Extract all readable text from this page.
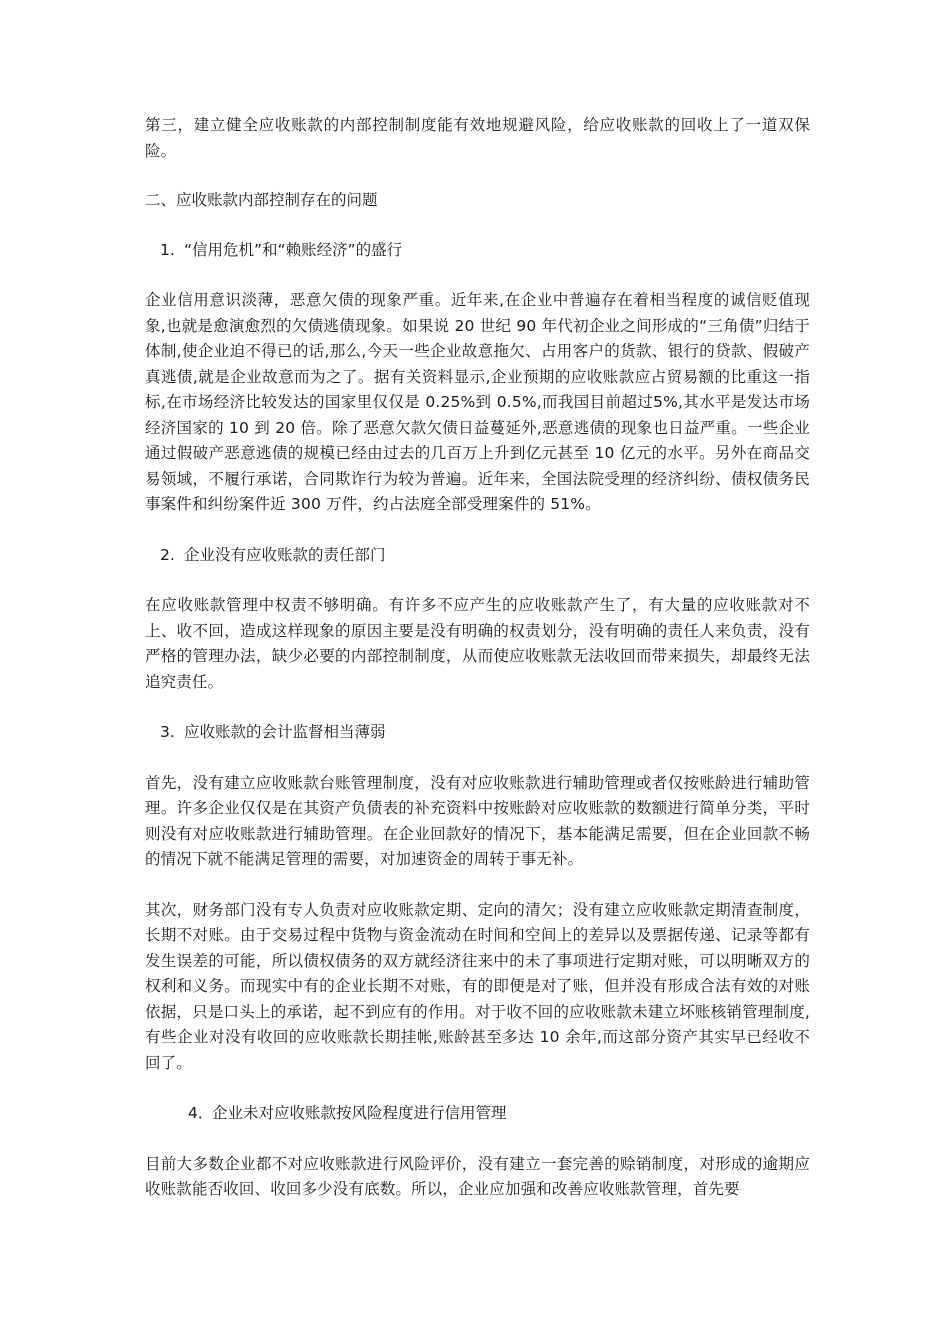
第三，建立健全应收账款的内部控制制度能有效地规避风险，给应收账款的回收上了一道双保险。

二、应收账款内部控制存在的问题

1. “信用危机”和“赖账经济”的盛行

企业信用意识淡薄，恶意欠债的现象严重。近年来,在企业中普遍存在着相当程度的诚信贬值现象,也就是愈演愈烈的欠债逃债现象。如果说 20 世纪 90 年代初企业之间形成的“三角债”归结于体制,使企业迫不得已的话,那么,今天一些企业故意拖欠、占用客户的货款、银行的贷款、假破产真逃债,就是企业故意而为之了。据有关资料显示,企业预期的应收账款应占贸易额的比重这一指标,在市场经济比较发达的国家里仅仅是 0.25%到 0.5%,而我国目前超过5%,其水平是发达市场经济国家的 10 到 20 倍。除了恶意欠款欠债日益蔓延外,恶意逃债的现象也日益严重。一些企业通过假破产恶意逃债的规模已经由过去的几百万上升到亿元甚至 10 亿元的水平。另外在商品交易领域，不履行承诺，合同欺诈行为较为普遍。近年来，全国法院受理的经济纠纷、债权债务民事案件和纠纷案件近 300 万件，约占法庭全部受理案件的 51%。

2. 企业没有应收账款的责任部门

在应收账款管理中权责不够明确。有许多不应产生的应收账款产生了，有大量的应收账款对不上、收不回，造成这样现象的原因主要是没有明确的权责划分，没有明确的责任人来负责，没有严格的管理办法，缺少必要的内部控制制度，从而使应收账款无法收回而带来损失，却最终无法追究责任。

3. 应收账款的会计监督相当薄弱

首先，没有建立应收账款台账管理制度，没有对应收账款进行辅助管理或者仅按账龄进行辅助管理。许多企业仅仅是在其资产负债表的补充资料中按账龄对应收账款的数额进行简单分类，平时则没有对应收账款进行辅助管理。在企业回款好的情况下，基本能满足需要，但在企业回款不畅的情况下就不能满足管理的需要，对加速资金的周转于事无补。

其次，财务部门没有专人负责对应收账款定期、定向的清欠；没有建立应收账款定期清查制度，长期不对账。由于交易过程中货物与资金流动在时间和空间上的差异以及票据传递、记录等都有发生误差的可能，所以债权债务的双方就经济往来中的未了事项进行定期对账，可以明晰双方的权利和义务。而现实中有的企业长期不对账，有的即便是对了账，但并没有形成合法有效的对账依据，只是口头上的承诺，起不到应有的作用。对于收不回的应收账款未建立坏账核销管理制度,有些企业对没有收回的应收账款长期挂帐,账龄甚至多达 10 余年,而这部分资产其实早已经收不回了。

4．企业未对应收账款按风险程度进行信用管理

目前大多数企业都不对应收账款进行风险评价，没有建立一套完善的赊销制度，对形成的逾期应收账款能否收回、收回多少没有底数。所以，企业应加强和改善应收账款管理，首先要
